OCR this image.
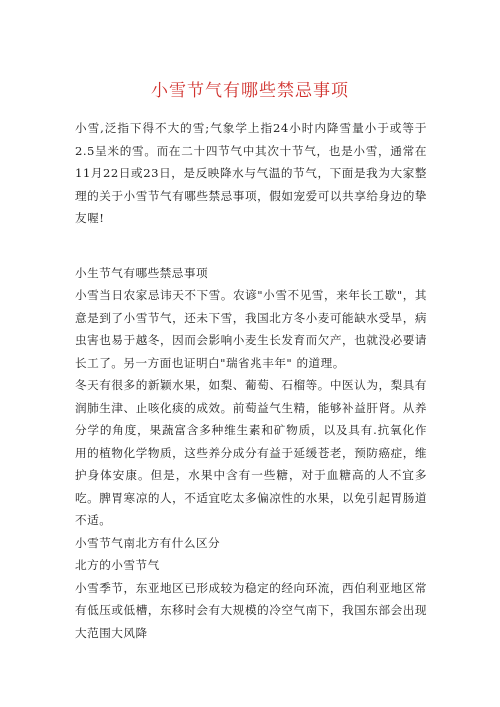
小雪节气有哪些禁忌事项

小雪,泛指下得不大的雪;气象学上指24小时内降雪量小于或等于2.5呈米的雪。而在二十四节气中其次十节气，也是小雪，通常在11月22日或23日，是反映降水与气温的节气，下面是我为大家整理的关于小雪节气有哪些禁忌事项，假如宠爱可以共享给身边的挚友喔!

小生节气有哪些禁忌事项

小雪当日农家忌讳天不下雪。农谚"小雪不见雪，来年长工歇"，其意是到了小雪节气，还未下雪，我国北方冬小麦可能缺水受旱，病虫害也易于越冬，因而会影响小麦生长发育而欠产，也就没必要请长工了。另一方面也证明白"瑞省兆丰年" 的道理。

冬天有很多的新颖水果，如梨、葡萄、石榴等。中医认为，梨具有润肺生津、止咳化痰的成效。前萄益气生精，能够补益肝肾。从养分学的角度，果蔬富含多种维生素和矿物质，以及具有.抗氧化作用的植物化学物质，这些养分成分有益于延缓苍老，预防癌症，维护身体安康。但是，水果中含有一些糖，对于血糖高的人不宜多吃。脾胃寒凉的人，不适宜吃太多偏凉性的水果，以免引起胃肠道不适。

小雪节气南北方有什么区分

北方的小雪节气

小雪季节，东亚地区已形成较为稳定的经向环流，西伯利亚地区常有低压或低槽，东移时会有大规模的冷空气南下，我国东部会出现大范围大风降
